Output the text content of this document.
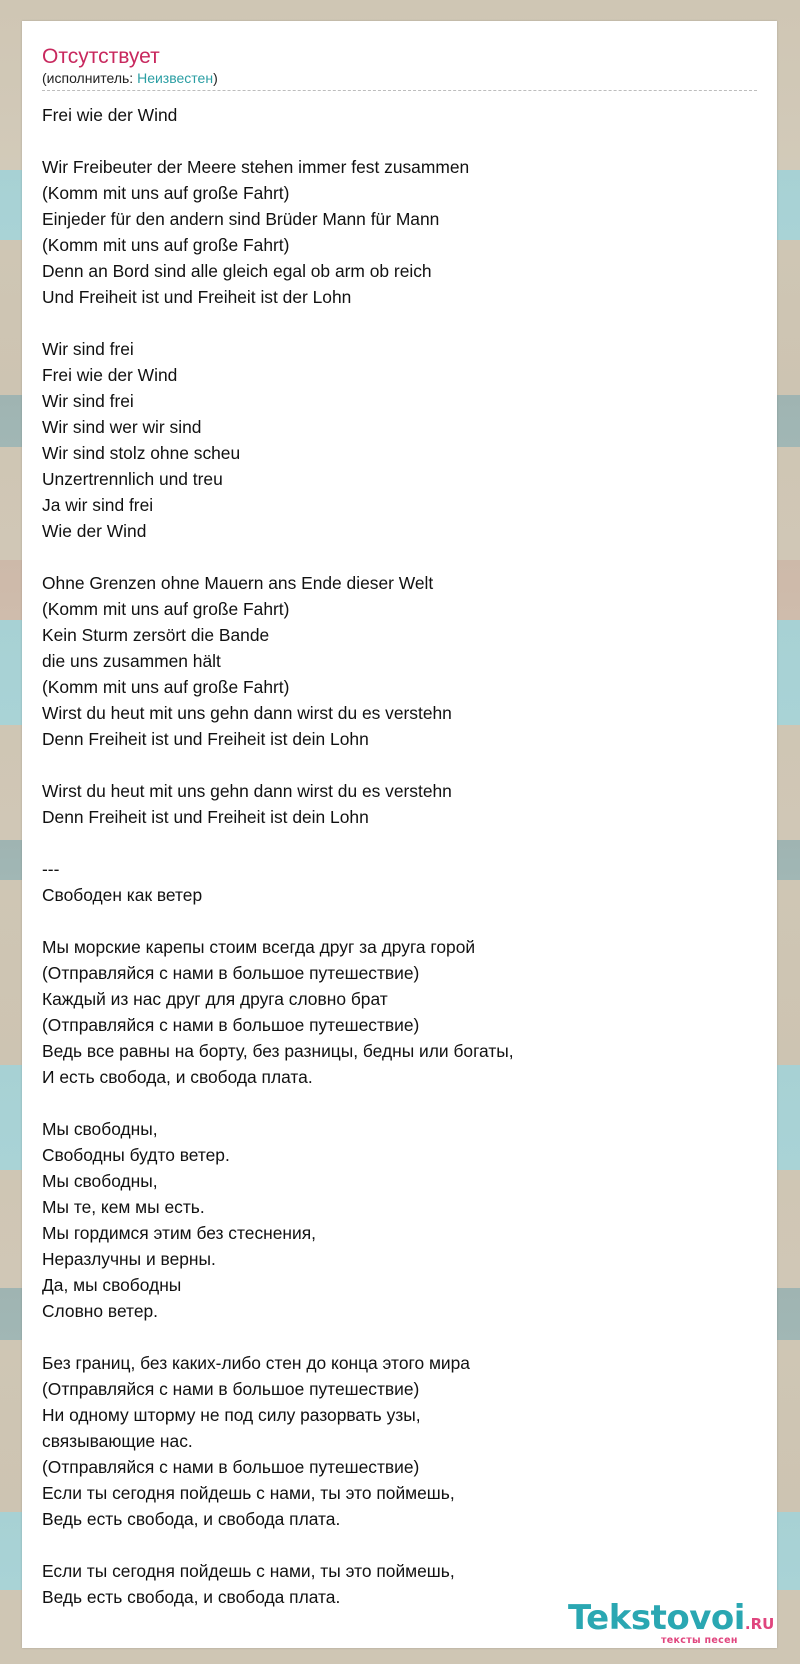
Отсутствует
(исполнитель: Неизвестен)
Frei wie der Wind

Wir Freibeuter der Meere stehen immer fest zusammen
(Komm mit uns auf große Fahrt)
Einjeder für den andern sind Brüder Mann für Mann
(Komm mit uns auf große Fahrt)
Denn an Bord sind alle gleich egal ob arm ob reich
Und Freiheit ist und Freiheit ist der Lohn

Wir sind frei
Frei wie der Wind
Wir sind frei
Wir sind wer wir sind
Wir sind stolz ohne scheu
Unzertrennlich und treu
Ja wir sind frei
Wie der Wind

Ohne Grenzen ohne Mauern ans Ende dieser Welt
(Komm mit uns auf große Fahrt)
Kein Sturm zersört die Bande
die uns zusammen hält
(Komm mit uns auf große Fahrt)
Wirst du heut mit uns gehn dann wirst du es verstehn
Denn Freiheit ist und Freiheit ist dein Lohn

Wirst du heut mit uns gehn dann wirst du es verstehn
Denn Freiheit ist und Freiheit ist dein Lohn

---
Свободен как ветер

Мы морские карепы стоим всегда друг за друга горой
(Отправляйся с нами в большое путешествие)
Каждый из нас друг для друга словно брат
(Отправляйся с нами в большое путешествие)
Ведь все равны на борту, без разницы, бедны или богаты,
И есть свобода, и свобода плата.

Мы свободны,
Свободны будто ветер.
Мы свободны,
Мы те, кем мы есть.
Мы гордимся этим без стеснения,
Неразлучны и верны.
Да, мы свободны
Словно ветер.

Без границ, без каких-либо стен до конца этого мира
(Отправляйся с нами в большое путешествие)
Ни одному шторму не под силу разорвать узы,
связывающие нас.
(Отправляйся с нами в большое путешествие)
Если ты сегодня пойдешь с нами, ты это поймешь,
Ведь есть свобода, и свобода плата.

Если ты сегодня пойдешь с нами, ты это поймешь,
Ведь есть свобода, и свобода плата.
Tekstovoi.RU
тексты песен
